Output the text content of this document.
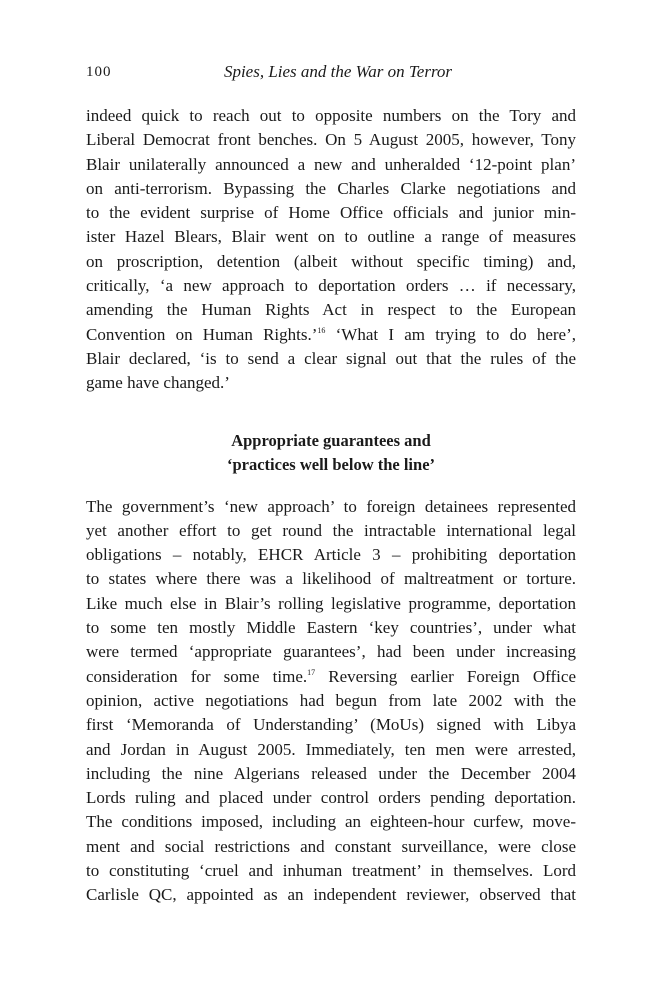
100	Spies, Lies and the War on Terror

indeed quick to reach out to opposite numbers on the Tory and
Liberal Democrat front benches. On 5 August 2005, however, Tony
Blair unilaterally announced a new and unheralded ‘12-point plan’
on anti-terrorism. Bypassing the Charles Clarke negotiations and
to the evident surprise of Home Office officials and junior min-
ister Hazel Blears, Blair went on to outline a range of measures
on proscription, detention (albeit without specific timing) and,
critically, ‘a new approach to deportation orders … if necessary,
amending the Human Rights Act in respect to the European
Convention on Human Rights.’$^{16}$ ‘What I am trying to do here’,
Blair declared, ‘is to send a clear signal out that the rules of the
game have changed.’

Appropriate guarantees and
‘practices well below the line’

The government’s ‘new approach’ to foreign detainees represented
yet another effort to get round the intractable international legal
obligations – notably, EHCR Article 3 – prohibiting deportation
to states where there was a likelihood of maltreatment or torture.
Like much else in Blair’s rolling legislative programme, deportation
to some ten mostly Middle Eastern ‘key countries’, under what
were termed ‘appropriate guarantees’, had been under increasing
consideration for some time.$^{17}$ Reversing earlier Foreign Office
opinion, active negotiations had begun from late 2002 with the
first ‘Memoranda of Understanding’ (MoUs) signed with Libya
and Jordan in August 2005. Immediately, ten men were arrested,
including the nine Algerians released under the December 2004
Lords ruling and placed under control orders pending deportation.
The conditions imposed, including an eighteen-hour curfew, move-
ment and social restrictions and constant surveillance, were close
to constituting ‘cruel and inhuman treatment’ in themselves. Lord
Carlisle QC, appointed as an independent reviewer, observed that
